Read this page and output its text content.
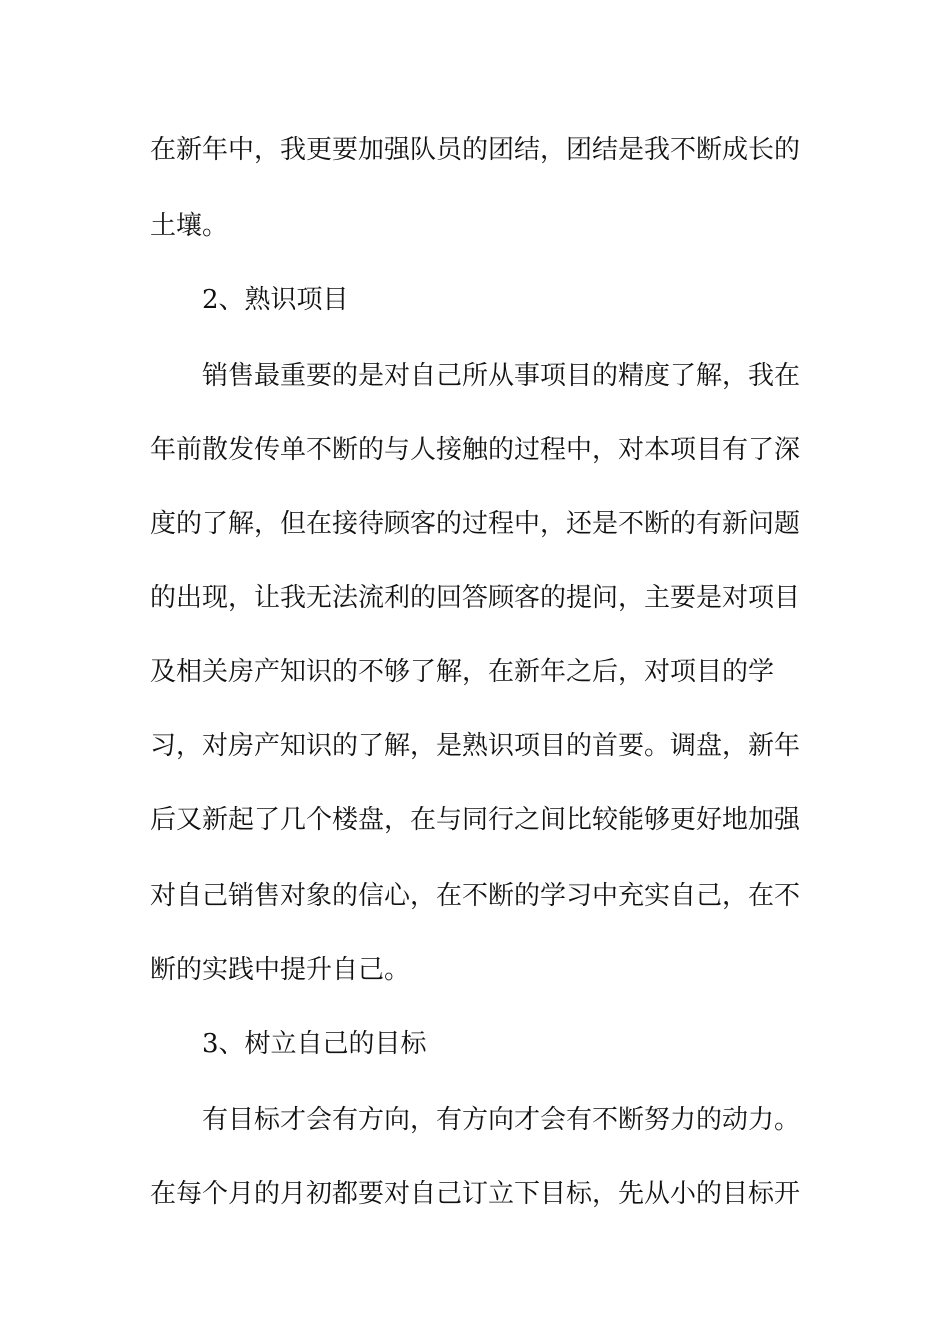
在新年中，我更要加强队员的团结，团结是我不断成长的

土壤。

2、熟识项目

销售最重要的是对自己所从事项目的精度了解，我在

年前散发传单不断的与人接触的过程中，对本项目有了深

度的了解，但在接待顾客的过程中，还是不断的有新问题

的出现，让我无法流利的回答顾客的提问，主要是对项目

及相关房产知识的不够了解，在新年之后，对项目的学

习，对房产知识的了解，是熟识项目的首要。调盘，新年

后又新起了几个楼盘，在与同行之间比较能够更好地加强

对自己销售对象的信心，在不断的学习中充实自己，在不

断的实践中提升自己。

3、树立自己的目标

有目标才会有方向，有方向才会有不断努力的动力。

在每个月的月初都要对自己订立下目标，先从小的目标开
